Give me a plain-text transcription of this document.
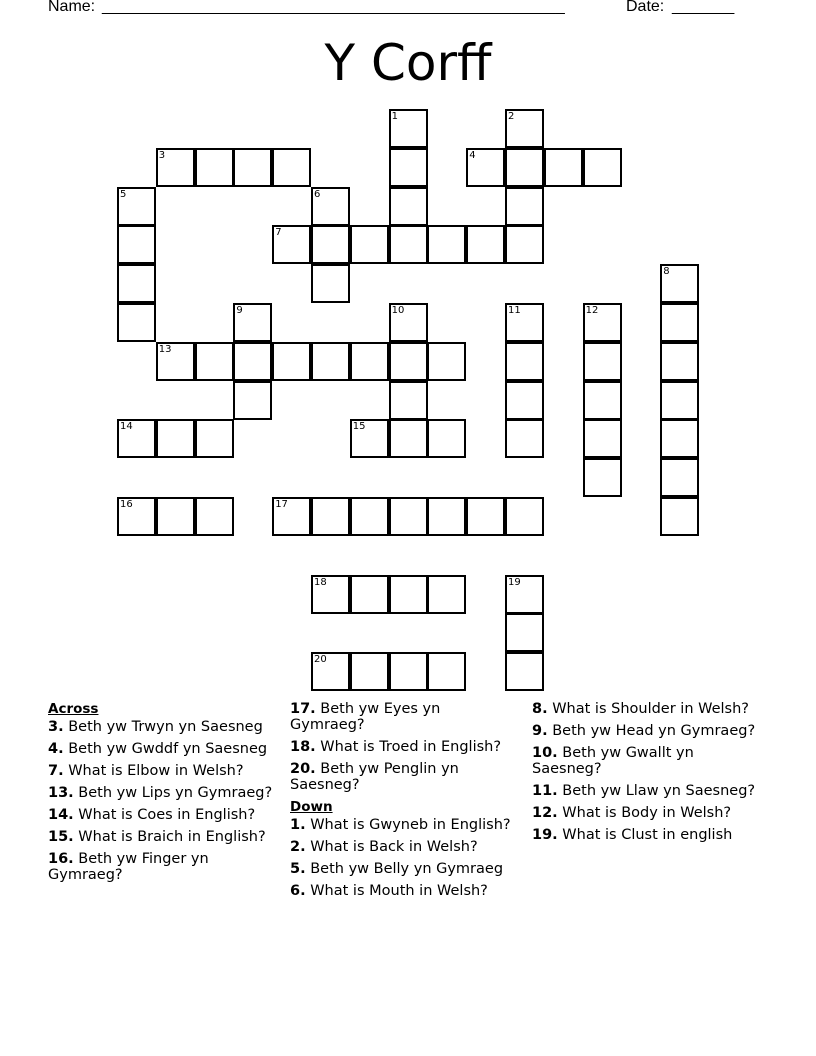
Name: ____________________________________________________	Date: _______
Y Corff
1	2
3	4
5	6
7
8
9	10	11	12
13
14	15
16	17
18	19
20
Across
3. Beth yw Trwyn yn Saesneg
4. Beth yw Gwddf yn Saesneg
7. What is Elbow in Welsh?
13. Beth yw Lips yn Gymraeg?
14. What is Coes in English?
15. What is Braich in English?
16. Beth yw Finger yn Gymraeg?
17. Beth yw Eyes yn Gymraeg?
18. What is Troed in English?
20. Beth yw Penglin yn Saesneg?
Down
1. What is Gwyneb in English?
2. What is Back in Welsh?
5. Beth yw Belly yn Gymraeg
6. What is Mouth in Welsh?
8. What is Shoulder in Welsh?
9. Beth yw Head yn Gymraeg?
10. Beth yw Gwallt yn Saesneg?
11. Beth yw Llaw yn Saesneg?
12. What is Body in Welsh?
19. What is Clust in english
